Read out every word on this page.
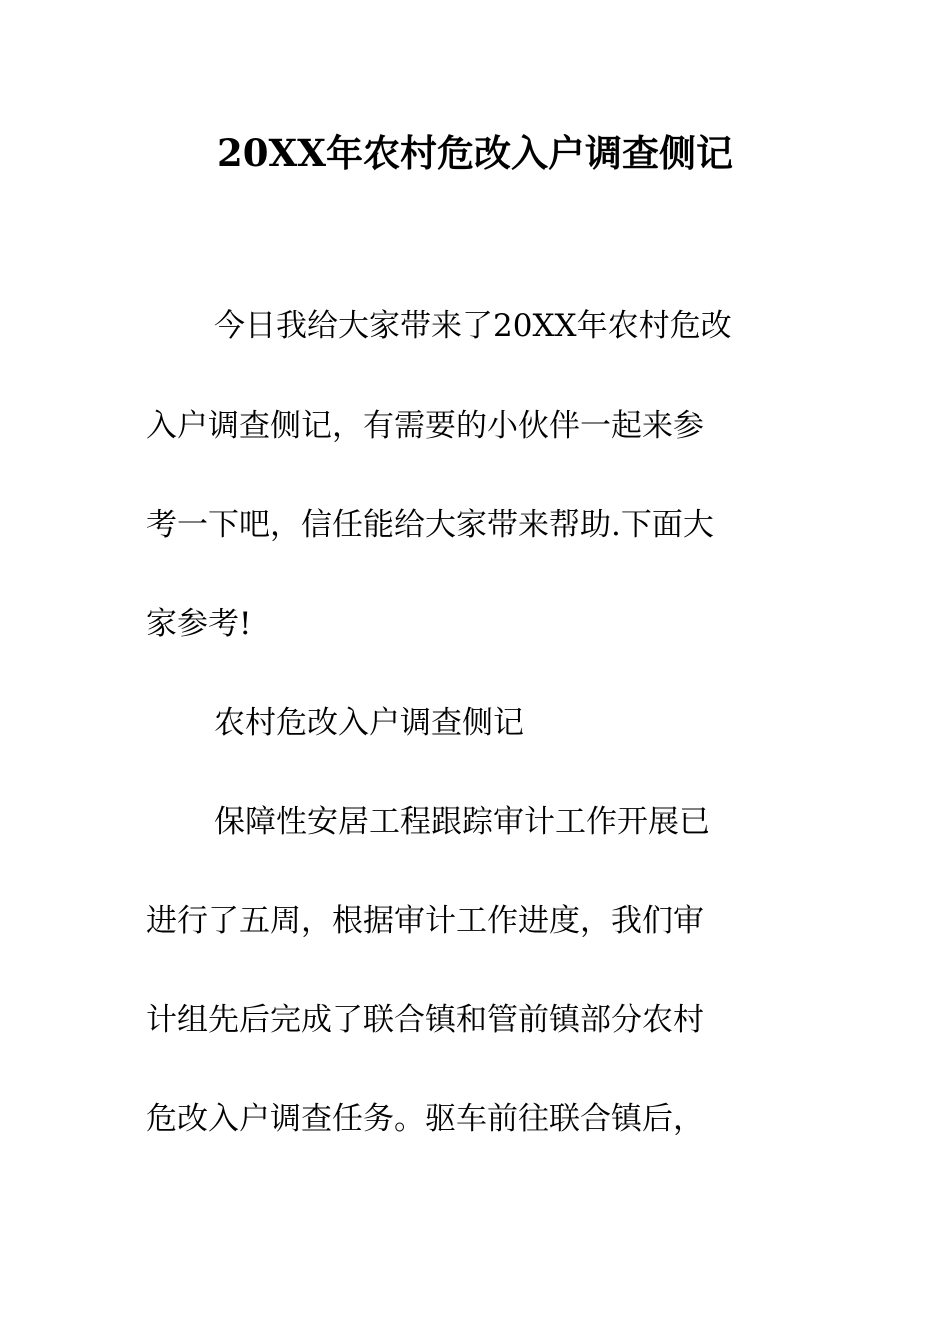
20XX年农村危改入户调查侧记

今日我给大家带来了20XX年农村危改

入户调查侧记，有需要的小伙伴一起来参

考一下吧，信任能给大家带来帮助.下面大

家参考!

农村危改入户调查侧记

保障性安居工程跟踪审计工作开展已

进行了五周，根据审计工作进度，我们审

计组先后完成了联合镇和管前镇部分农村

危改入户调查任务。驱车前往联合镇后，
